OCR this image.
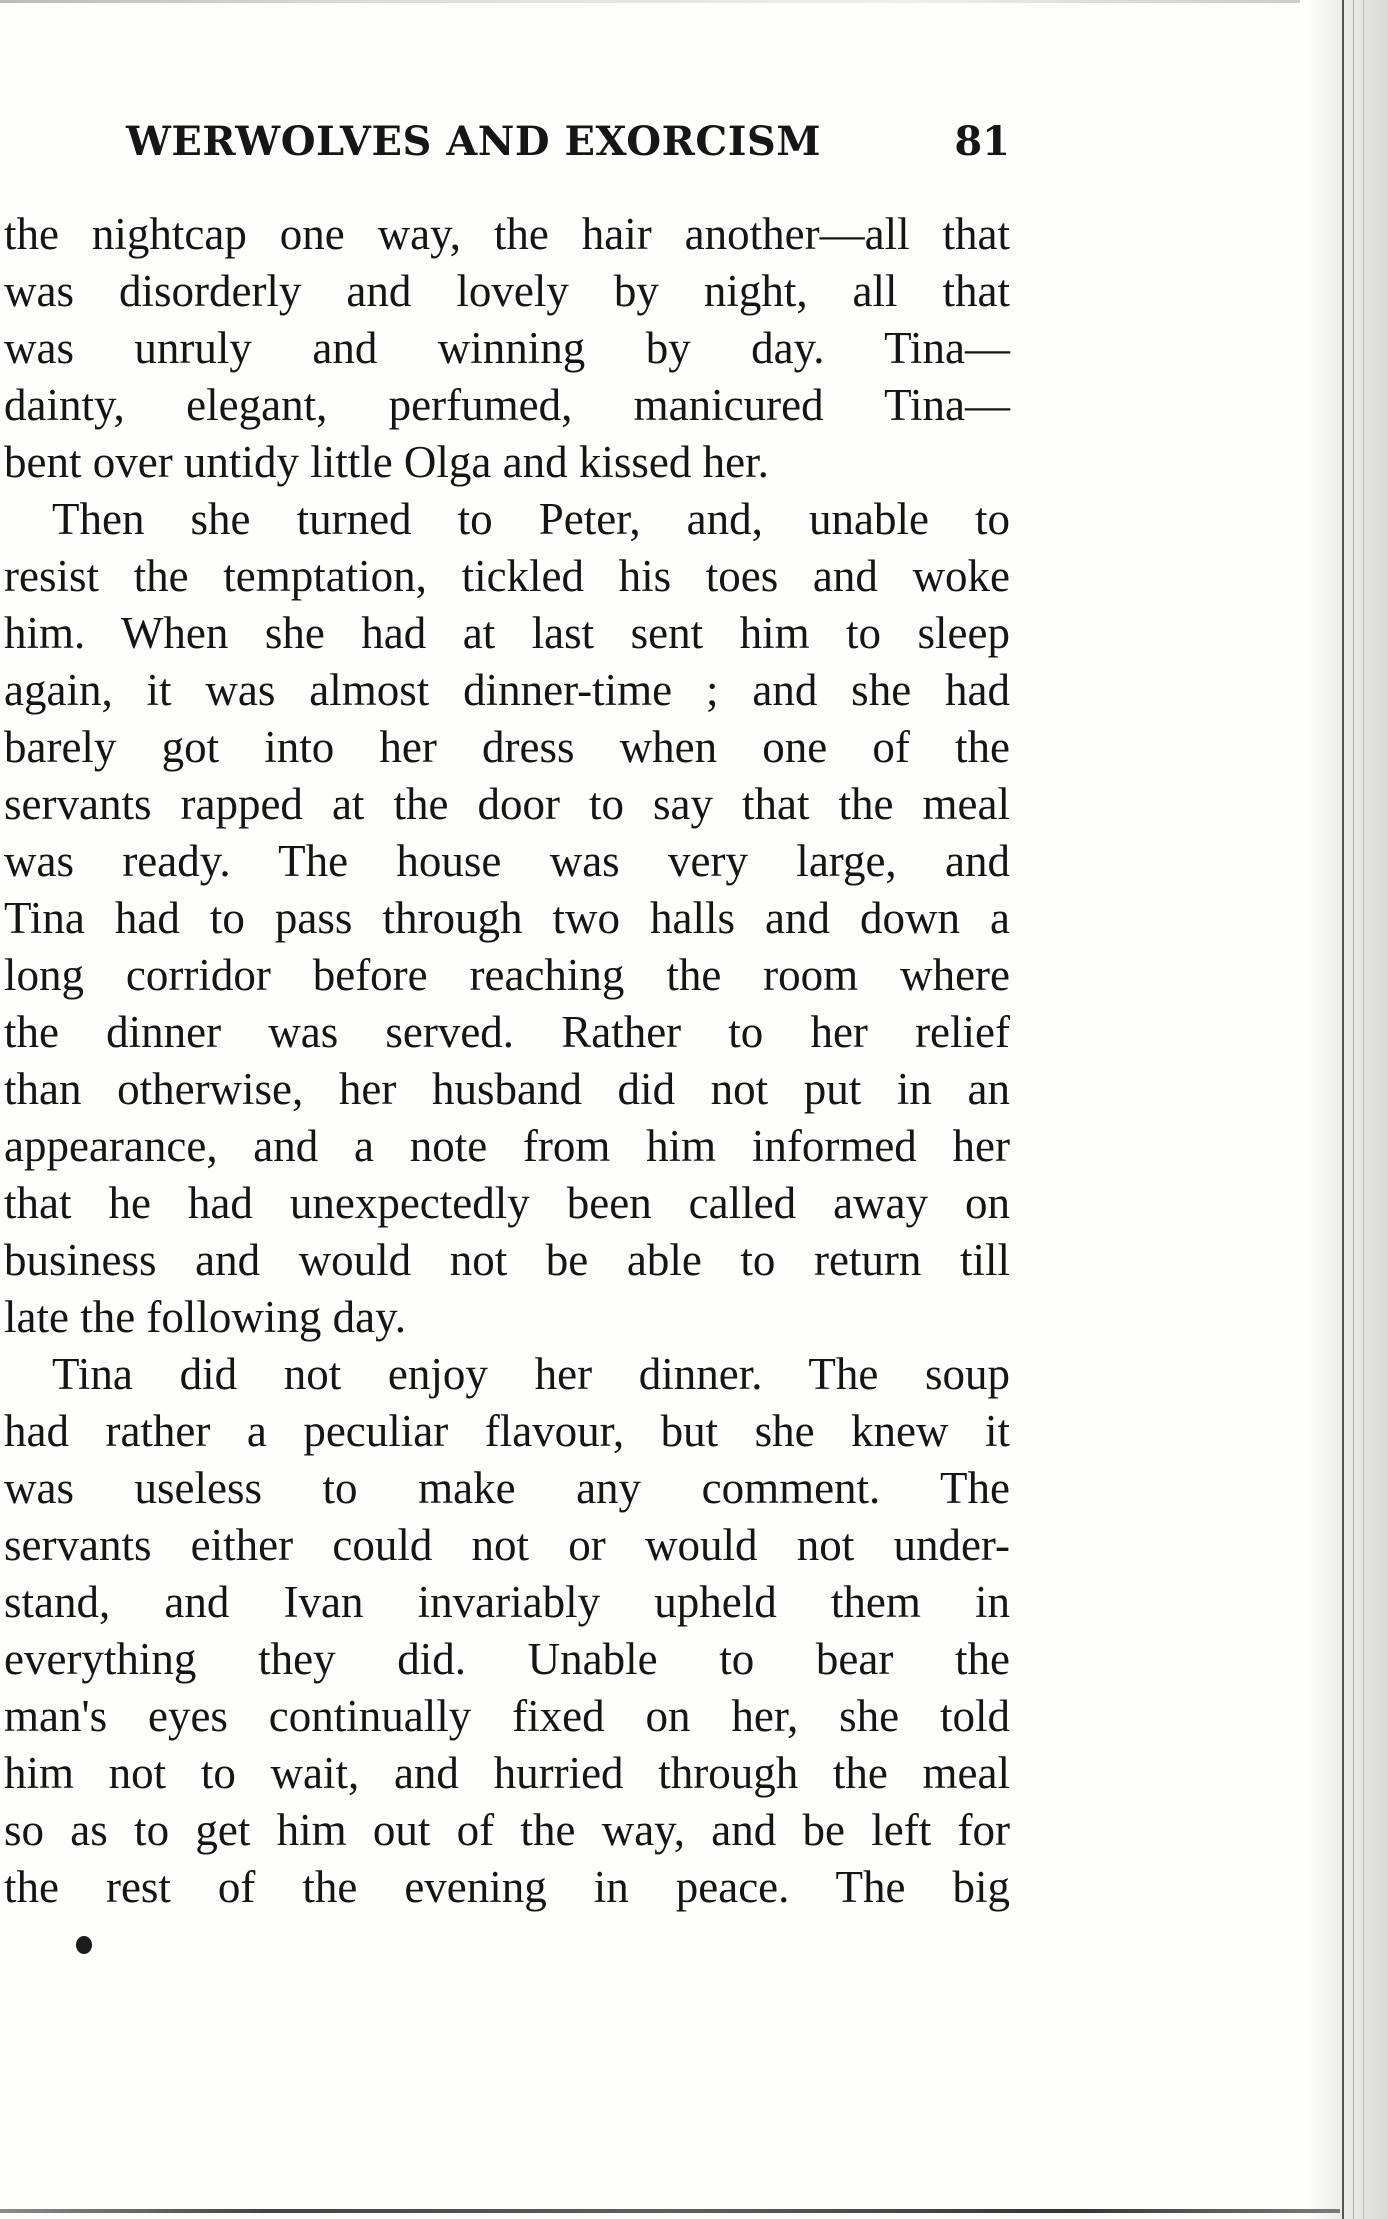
WERWOLVES AND EXORCISM	81
the nightcap one way, the hair another—all that
was disorderly and lovely by night, all that
was unruly and winning by day. Tina—
dainty, elegant, perfumed, manicured Tina—
bent over untidy little Olga and kissed her.
Then she turned to Peter, and, unable to
resist the temptation, tickled his toes and woke
him. When she had at last sent him to sleep
again, it was almost dinner-time ; and she had
barely got into her dress when one of the
servants rapped at the door to say that the meal
was ready. The house was very large, and
Tina had to pass through two halls and down a
long corridor before reaching the room where
the dinner was served. Rather to her relief
than otherwise, her husband did not put in an
appearance, and a note from him informed her
that he had unexpectedly been called away on
business and would not be able to return till
late the following day.
Tina did not enjoy her dinner. The soup
had rather a peculiar flavour, but she knew it
was useless to make any comment. The
servants either could not or would not under-
stand, and Ivan invariably upheld them in
everything they did. Unable to bear the
man's eyes continually fixed on her, she told
him not to wait, and hurried through the meal
so as to get him out of the way, and be left for
the rest of the evening in peace. The big
